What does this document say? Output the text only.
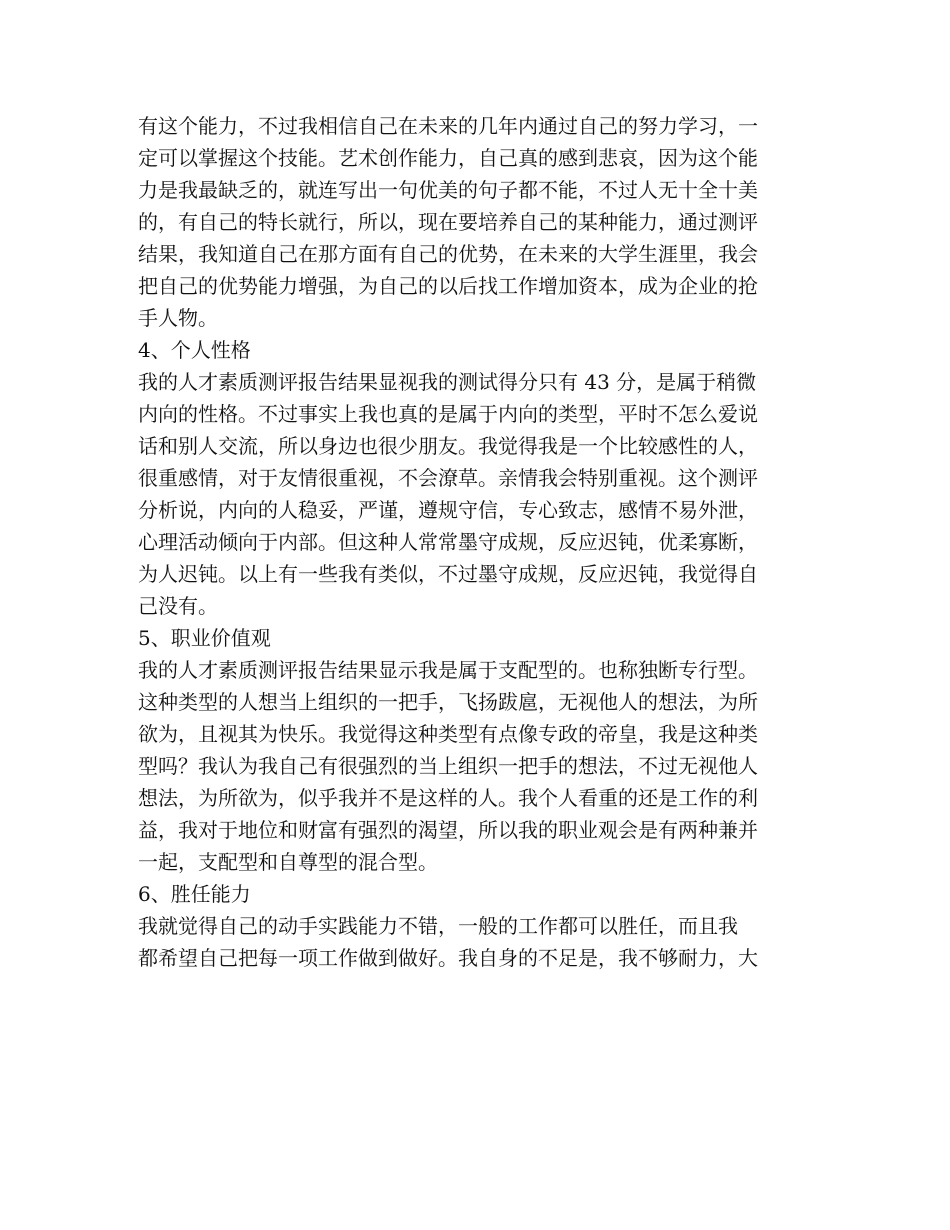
有这个能力，不过我相信自己在未来的几年内通过自己的努力学习，一
定可以掌握这个技能。艺术创作能力，自己真的感到悲哀，因为这个能
力是我最缺乏的，就连写出一句优美的句子都不能，不过人无十全十美
的，有自己的特长就行，所以，现在要培养自己的某种能力，通过测评
结果，我知道自己在那方面有自己的优势，在未来的大学生涯里，我会
把自己的优势能力增强，为自己的以后找工作增加资本，成为企业的抢
手人物。
4、个人性格
我的人才素质测评报告结果显视我的测试得分只有 43 分，是属于稍微
内向的性格。不过事实上我也真的是属于内向的类型，平时不怎么爱说
话和别人交流，所以身边也很少朋友。我觉得我是一个比较感性的人，
很重感情，对于友情很重视，不会潦草。亲情我会特别重视。这个测评
分析说，内向的人稳妥，严谨，遵规守信，专心致志，感情不易外泄，
心理活动倾向于内部。但这种人常常墨守成规，反应迟钝，优柔寡断，
为人迟钝。以上有一些我有类似，不过墨守成规，反应迟钝，我觉得自
己没有。
5、职业价值观
我的人才素质测评报告结果显示我是属于支配型的。也称独断专行型。
这种类型的人想当上组织的一把手，飞扬跋扈，无视他人的想法，为所
欲为，且视其为快乐。我觉得这种类型有点像专政的帝皇，我是这种类
型吗？我认为我自己有很强烈的当上组织一把手的想法，不过无视他人
想法，为所欲为，似乎我并不是这样的人。我个人看重的还是工作的利
益，我对于地位和财富有强烈的渴望，所以我的职业观会是有两种兼并
一起，支配型和自尊型的混合型。
6、胜任能力
我就觉得自己的动手实践能力不错，一般的工作都可以胜任，而且我
都希望自己把每一项工作做到做好。我自身的不足是，我不够耐力，大
